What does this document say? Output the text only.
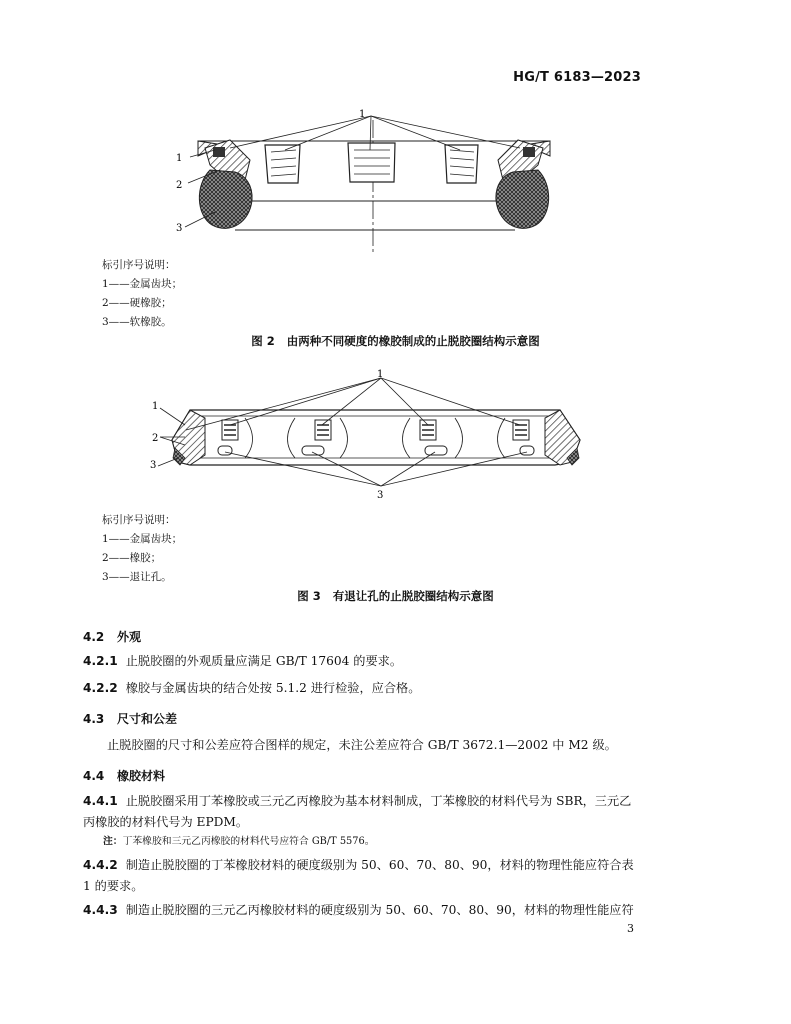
HG/T 6183—2023
1
1
2
3
标引序号说明：
1——金属齿块；
2——硬橡胶；
3——软橡胶。
图 2 由两种不同硬度的橡胶制成的止脱胶圈结构示意图
1
1
2
3
3
标引序号说明：
1——金属齿块；
2——橡胶；
3——退让孔。
图 3 有退让孔的止脱胶圈结构示意图
4.2 外观
4.2.1 止脱胶圈的外观质量应满足 GB/T 17604 的要求。
4.2.2 橡胶与金属齿块的结合处按 5.1.2 进行检验，应合格。
4.3 尺寸和公差
止脱胶圈的尺寸和公差应符合图样的规定，未注公差应符合 GB/T 3672.1—2002 中 M2 级。
4.4 橡胶材料
4.4.1 止脱胶圈采用丁苯橡胶或三元乙丙橡胶为基本材料制成，丁苯橡胶的材料代号为 SBR，三元乙丙橡胶的材料代号为 EPDM。
注：丁苯橡胶和三元乙丙橡胶的材料代号应符合 GB/T 5576。
4.4.2 制造止脱胶圈的丁苯橡胶材料的硬度级别为 50、60、70、80、90，材料的物理性能应符合表 1 的要求。
4.4.3 制造止脱胶圈的三元乙丙橡胶材料的硬度级别为 50、60、70、80、90，材料的物理性能应符
3
